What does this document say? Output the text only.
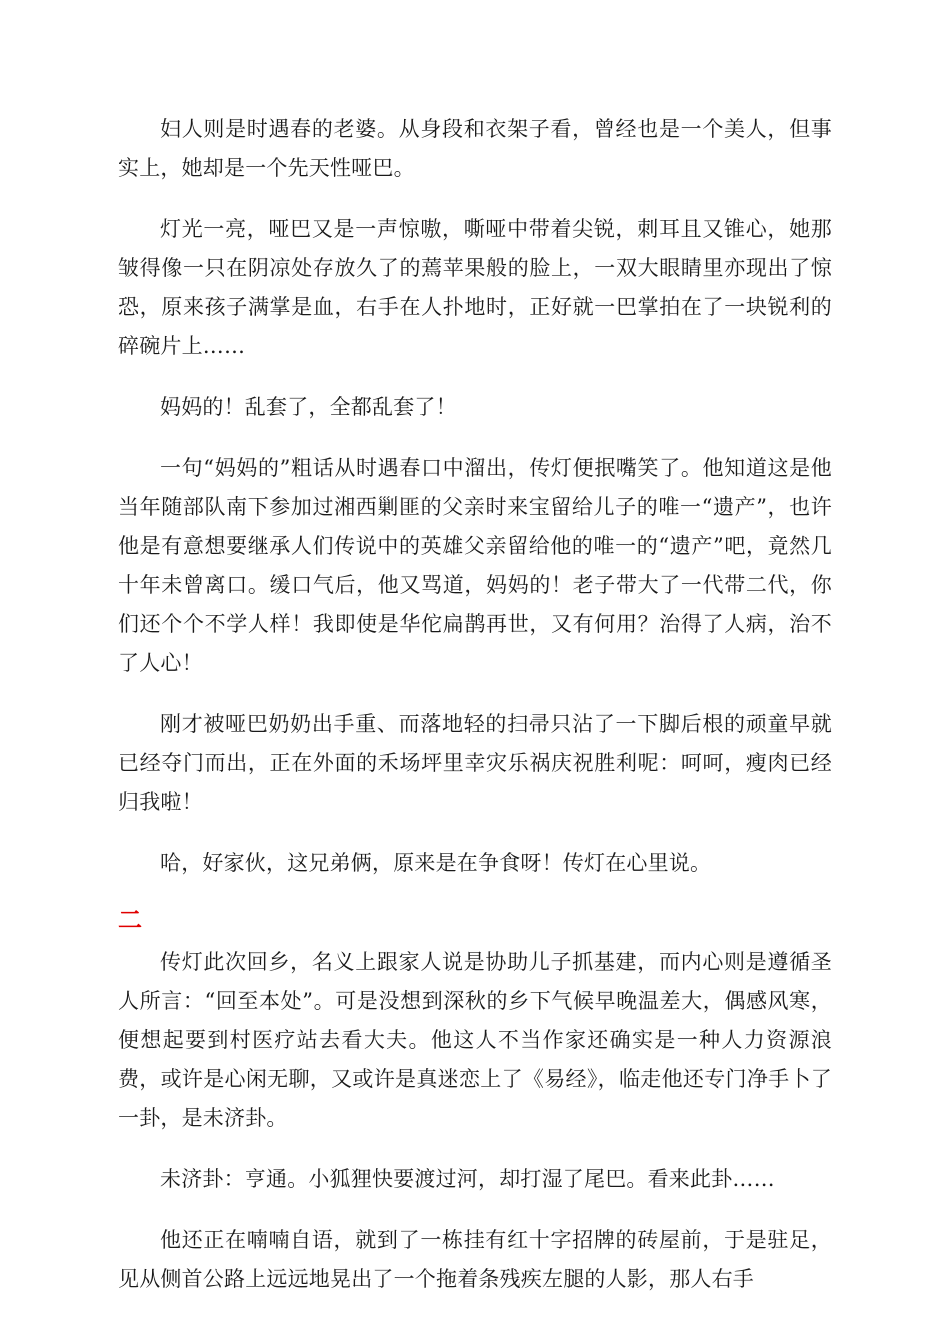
妇人则是时遇春的老婆。从身段和衣架子看，曾经也是一个美人，但事实上，她却是一个先天性哑巴。

灯光一亮，哑巴又是一声惊嗷，嘶哑中带着尖锐，刺耳且又锥心，她那皱得像一只在阴凉处存放久了的蔫苹果般的脸上，一双大眼睛里亦现出了惊恐，原来孩子满掌是血，右手在人扑地时，正好就一巴掌拍在了一块锐利的碎碗片上……

妈妈的！乱套了，全都乱套了！

一句“妈妈的”粗话从时遇春口中溜出，传灯便抿嘴笑了。他知道这是他当年随部队南下参加过湘西剿匪的父亲时来宝留给儿子的唯一“遗产”，也许他是有意想要继承人们传说中的英雄父亲留给他的唯一的“遗产”吧，竟然几十年未曾离口。缓口气后，他又骂道，妈妈的！老子带大了一代带二代，你们还个个不学人样！我即使是华佗扁鹊再世，又有何用？治得了人病，治不了人心！

刚才被哑巴奶奶出手重、而落地轻的扫帚只沾了一下脚后根的顽童早就已经夺门而出，正在外面的禾场坪里幸灾乐祸庆祝胜利呢：呵呵，瘦肉已经归我啦！

哈，好家伙，这兄弟俩，原来是在争食呀！传灯在心里说。

二

传灯此次回乡，名义上跟家人说是协助儿子抓基建，而内心则是遵循圣人所言：“回至本处”。可是没想到深秋的乡下气候早晚温差大，偶感风寒，便想起要到村医疗站去看大夫。他这人不当作家还确实是一种人力资源浪费，或许是心闲无聊，又或许是真迷恋上了《易经》，临走他还专门净手卜了一卦，是未济卦。

未济卦：亨通。小狐狸快要渡过河，却打湿了尾巴。看来此卦……

他还正在喃喃自语，就到了一栋挂有红十字招牌的砖屋前，于是驻足，见从侧首公路上远远地晃出了一个拖着条残疾左腿的人影，那人右手
